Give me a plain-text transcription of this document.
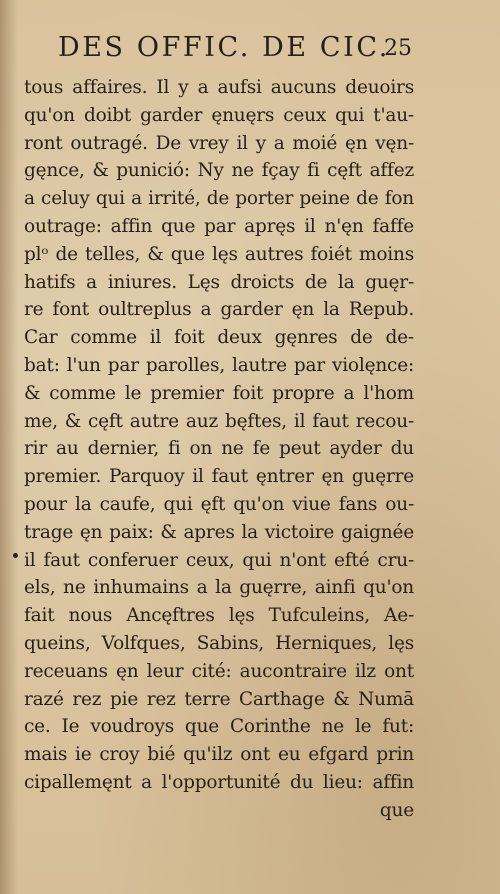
DES OFFIC. DE CIC.
25
tous affaires. Il y a aufsi aucuns deuoirs
qu'on doibt garder ęnuęrs ceux qui t'au-
ront outragé. De vrey il y a moié ęn vęn-
gęnce, & punició: Ny ne fçay fi cęft affez
a celuy qui a irrité, de porter peine de fon
outrage: affin que par apręs il n'ęn faffe
plᵒ de telles, & que lęs autres foiét moins
hatifs a iniures. Lęs droicts de la guęr-
re font oultreplus a garder ęn la Repub.
Car comme il foit deux gęnres de de-
bat: l'un par parolles, lautre par violęnce:
& comme le premier foit propre a l'hom
me, & cęft autre auz bęftes, il faut recou-
rir au dernier, fi on ne fe peut ayder du
premier. Parquoy il faut ęntrer ęn guęrre
pour la caufe, qui ęft qu'on viue fans ou-
trage ęn paix: & apres la victoire gaignée
il faut conferuer ceux, qui n'ont efté cru-
els, ne inhumains a la guęrre, ainfi qu'on
fait nous Ancęftres lęs Tufculeins, Ae-
queins, Volfques, Sabins, Herniques, lęs
receuans ęn leur cité: aucontraire ilz ont
razé rez pie rez terre Carthage & Numā
ce. Ie voudroys que Corinthe ne le fut:
mais ie croy bié qu'ilz ont eu efgard prin
cipallemęnt a l'opportunité du lieu: affin
que
